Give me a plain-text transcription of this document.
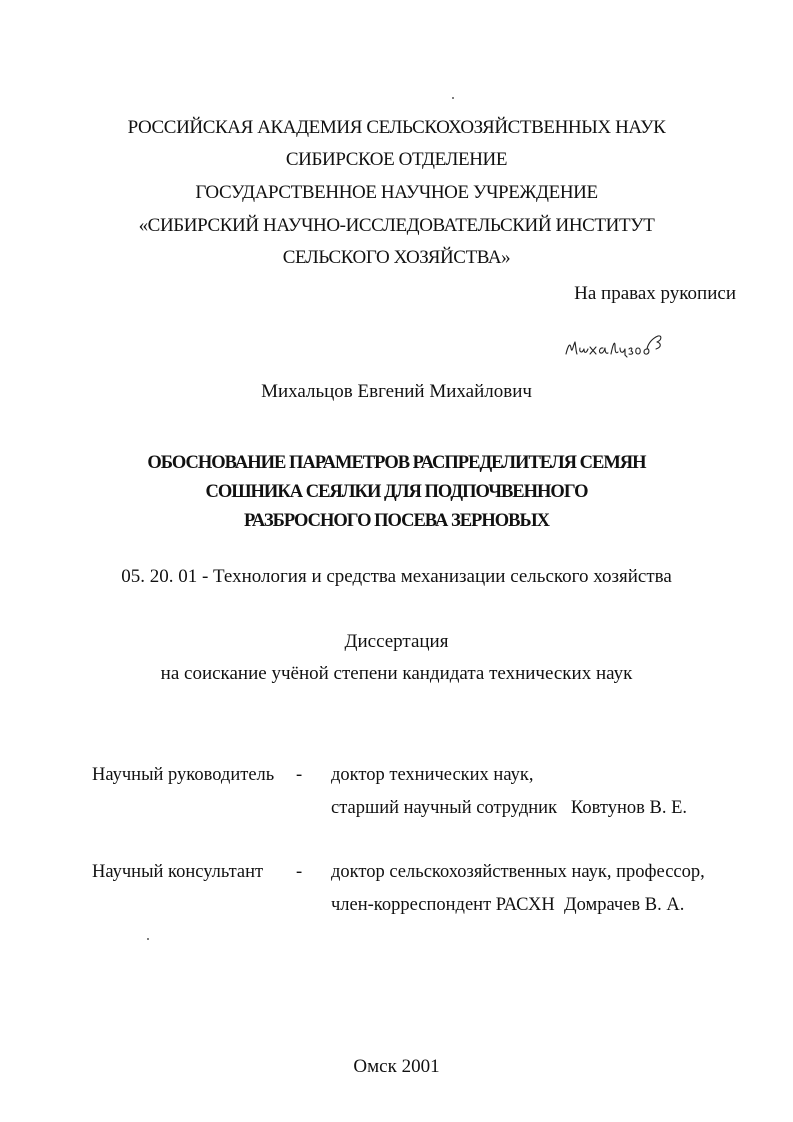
РОССИЙСКАЯ АКАДЕМИЯ СЕЛЬСКОХОЗЯЙСТВЕННЫХ НАУК
СИБИРСКОЕ ОТДЕЛЕНИЕ
ГОСУДАРСТВЕННОЕ НАУЧНОЕ УЧРЕЖДЕНИЕ
«СИБИРСКИЙ НАУЧНО-ИССЛЕДОВАТЕЛЬСКИЙ ИНСТИТУТ
СЕЛЬСКОГО ХОЗЯЙСТВА»
На правах рукописи
Михальцов Евгений Михайлович
ОБОСНОВАНИЕ ПАРАМЕТРОВ РАСПРЕДЕЛИТЕЛЯ СЕМЯН
СОШНИКА СЕЯЛКИ ДЛЯ ПОДПОЧВЕННОГО
РАЗБРОСНОГО ПОСЕВА ЗЕРНОВЫХ
05. 20. 01 - Технология и средства механизации сельского хозяйства
Диссертация
на соискание учёной степени кандидата технических наук
Научный руководитель - доктор технических наук,
старший научный сотрудник   Ковтунов В. Е.
Научный консультант - доктор сельскохозяйственных наук, профессор,
член-корреспондент РАСХН  Домрачев В. А.
Омск 2001
